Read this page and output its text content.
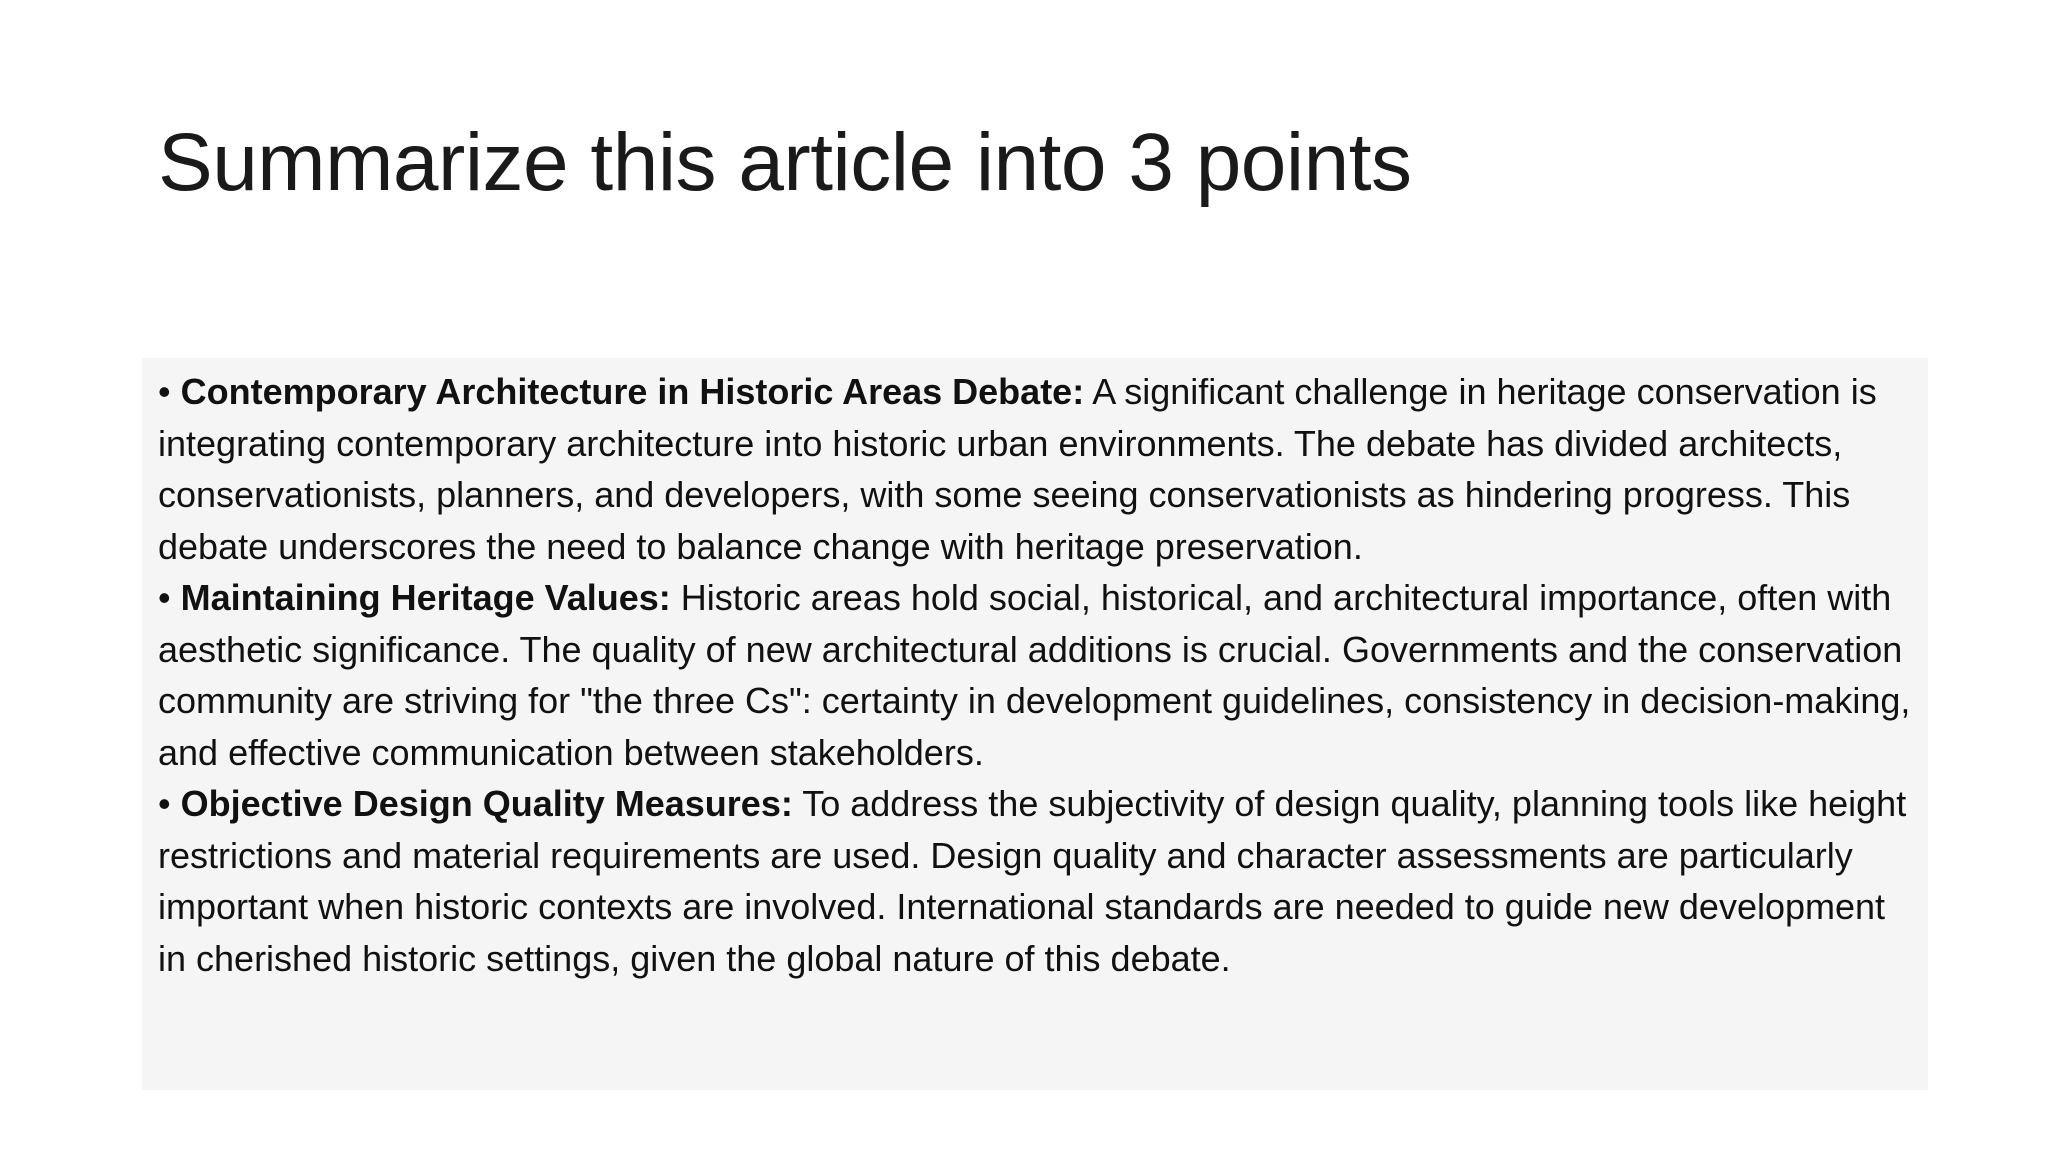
Summarize this article into 3 points

• Contemporary Architecture in Historic Areas Debate: A significant challenge in heritage conservation is integrating contemporary architecture into historic urban environments. The debate has divided architects, conservationists, planners, and developers, with some seeing conservationists as hindering progress. This debate underscores the need to balance change with heritage preservation.

• Maintaining Heritage Values: Historic areas hold social, historical, and architectural importance, often with aesthetic significance. The quality of new architectural additions is crucial. Governments and the conservation community are striving for "the three Cs": certainty in development guidelines, consistency in decision-making, and effective communication between stakeholders.

• Objective Design Quality Measures: To address the subjectivity of design quality, planning tools like height restrictions and material requirements are used. Design quality and character assessments are particularly important when historic contexts are involved. International standards are needed to guide new development in cherished historic settings, given the global nature of this debate.
